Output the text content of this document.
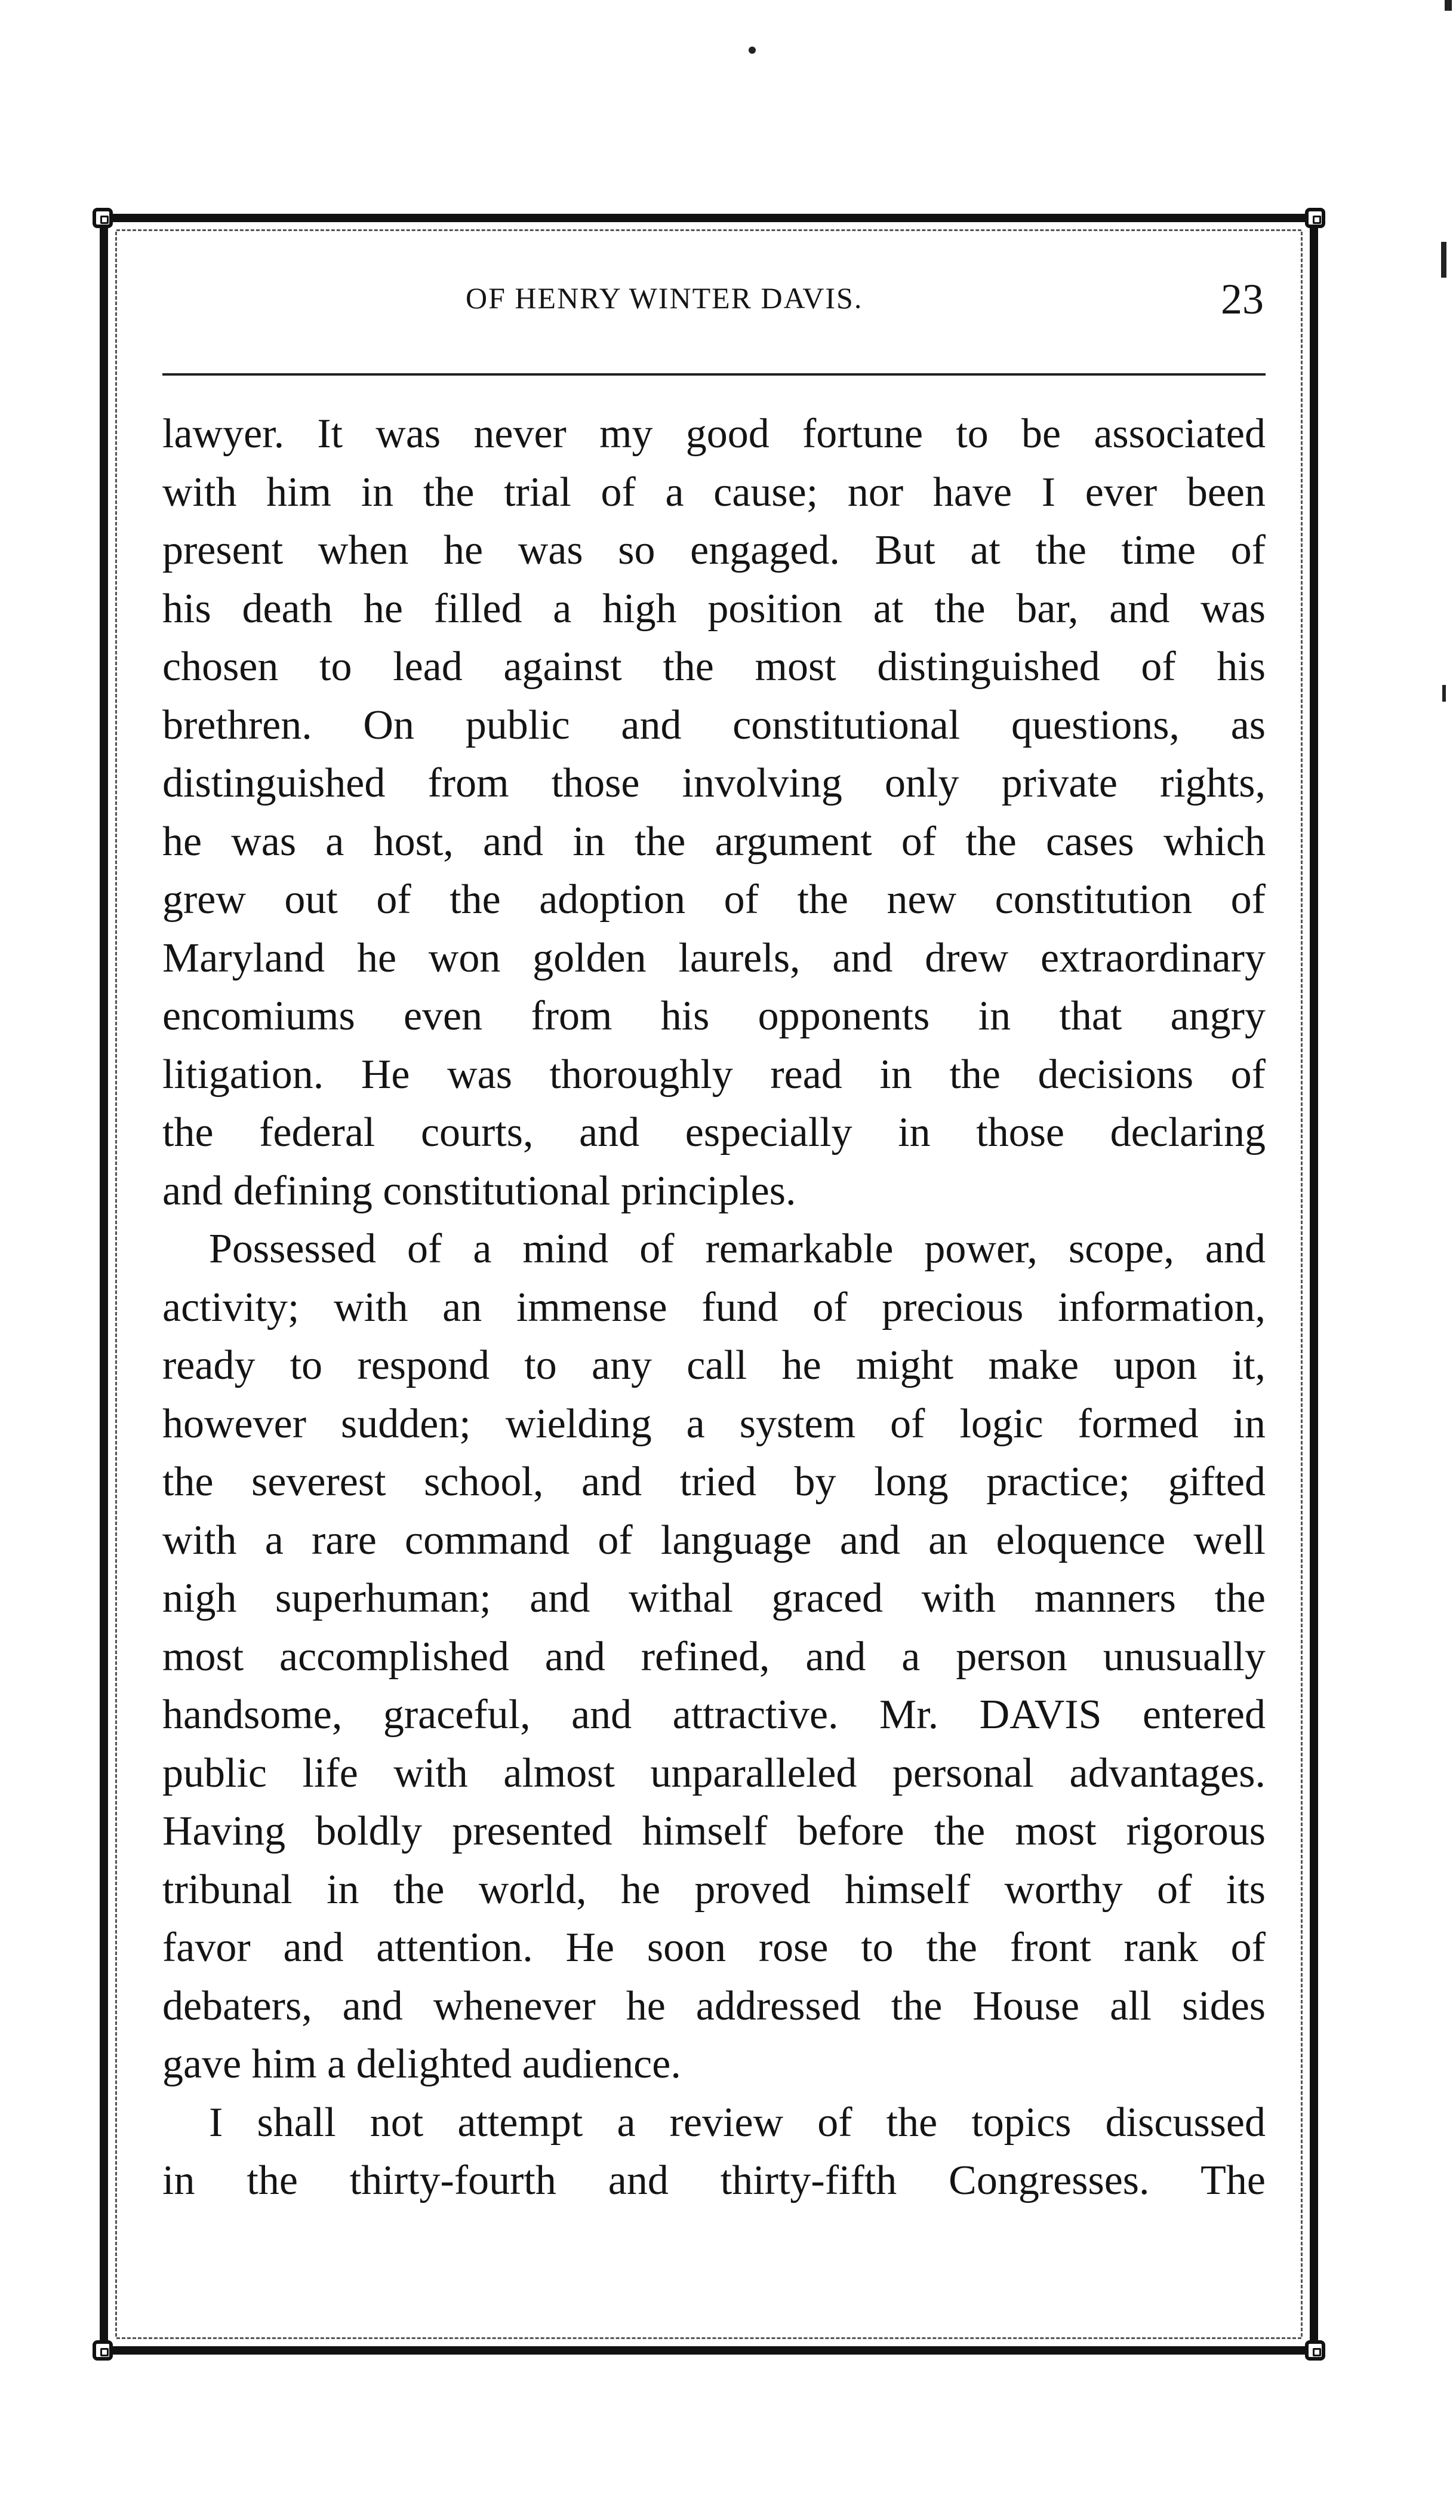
OF HENRY WINTER DAVIS.	23
lawyer. It was never my good fortune to be associated
with him in the trial of a cause; nor have I ever been
present when he was so engaged. But at the time of
his death he filled a high position at the bar, and was
chosen to lead against the most distinguished of his
brethren. On public and constitutional questions, as
distinguished from those involving only private rights,
he was a host, and in the argument of the cases which
grew out of the adoption of the new constitution of
Maryland he won golden laurels, and drew extraordinary
encomiums even from his opponents in that angry
litigation. He was thoroughly read in the decisions of
the federal courts, and especially in those declaring
and defining constitutional principles.
Possessed of a mind of remarkable power, scope, and
activity; with an immense fund of precious information,
ready to respond to any call he might make upon it,
however sudden; wielding a system of logic formed in
the severest school, and tried by long practice; gifted
with a rare command of language and an eloquence well
nigh superhuman; and withal graced with manners the
most accomplished and refined, and a person unusually
handsome, graceful, and attractive. Mr. DAVIS entered
public life with almost unparalleled personal advantages.
Having boldly presented himself before the most rigorous
tribunal in the world, he proved himself worthy of its
favor and attention. He soon rose to the front rank of
debaters, and whenever he addressed the House all sides
gave him a delighted audience.
I shall not attempt a review of the topics discussed
in the thirty-fourth and thirty-fifth Congresses. The
